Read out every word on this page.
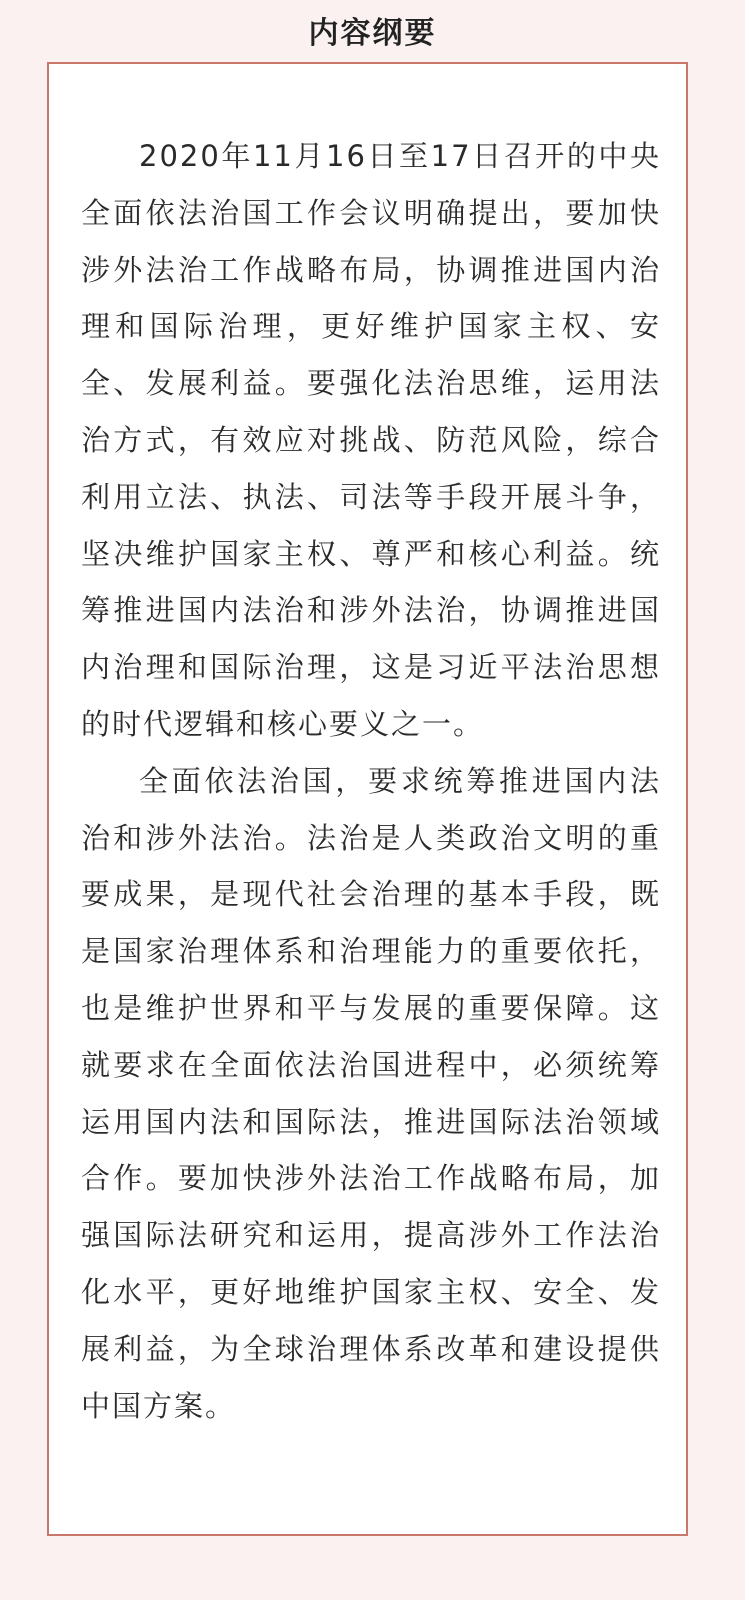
内容纲要

2020年11月16日至17日召开的中央全面依法治国工作会议明确提出，要加快涉外法治工作战略布局，协调推进国内治理和国际治理，更好维护国家主权、安全、发展利益。要强化法治思维，运用法治方式，有效应对挑战、防范风险，综合利用立法、执法、司法等手段开展斗争，坚决维护国家主权、尊严和核心利益。统筹推进国内法治和涉外法治，协调推进国内治理和国际治理，这是习近平法治思想的时代逻辑和核心要义之一。

全面依法治国，要求统筹推进国内法治和涉外法治。法治是人类政治文明的重要成果，是现代社会治理的基本手段，既是国家治理体系和治理能力的重要依托，也是维护世界和平与发展的重要保障。这就要求在全面依法治国进程中，必须统筹运用国内法和国际法，推进国际法治领域合作。要加快涉外法治工作战略布局，加强国际法研究和运用，提高涉外工作法治化水平，更好地维护国家主权、安全、发展利益，为全球治理体系改革和建设提供中国方案。
